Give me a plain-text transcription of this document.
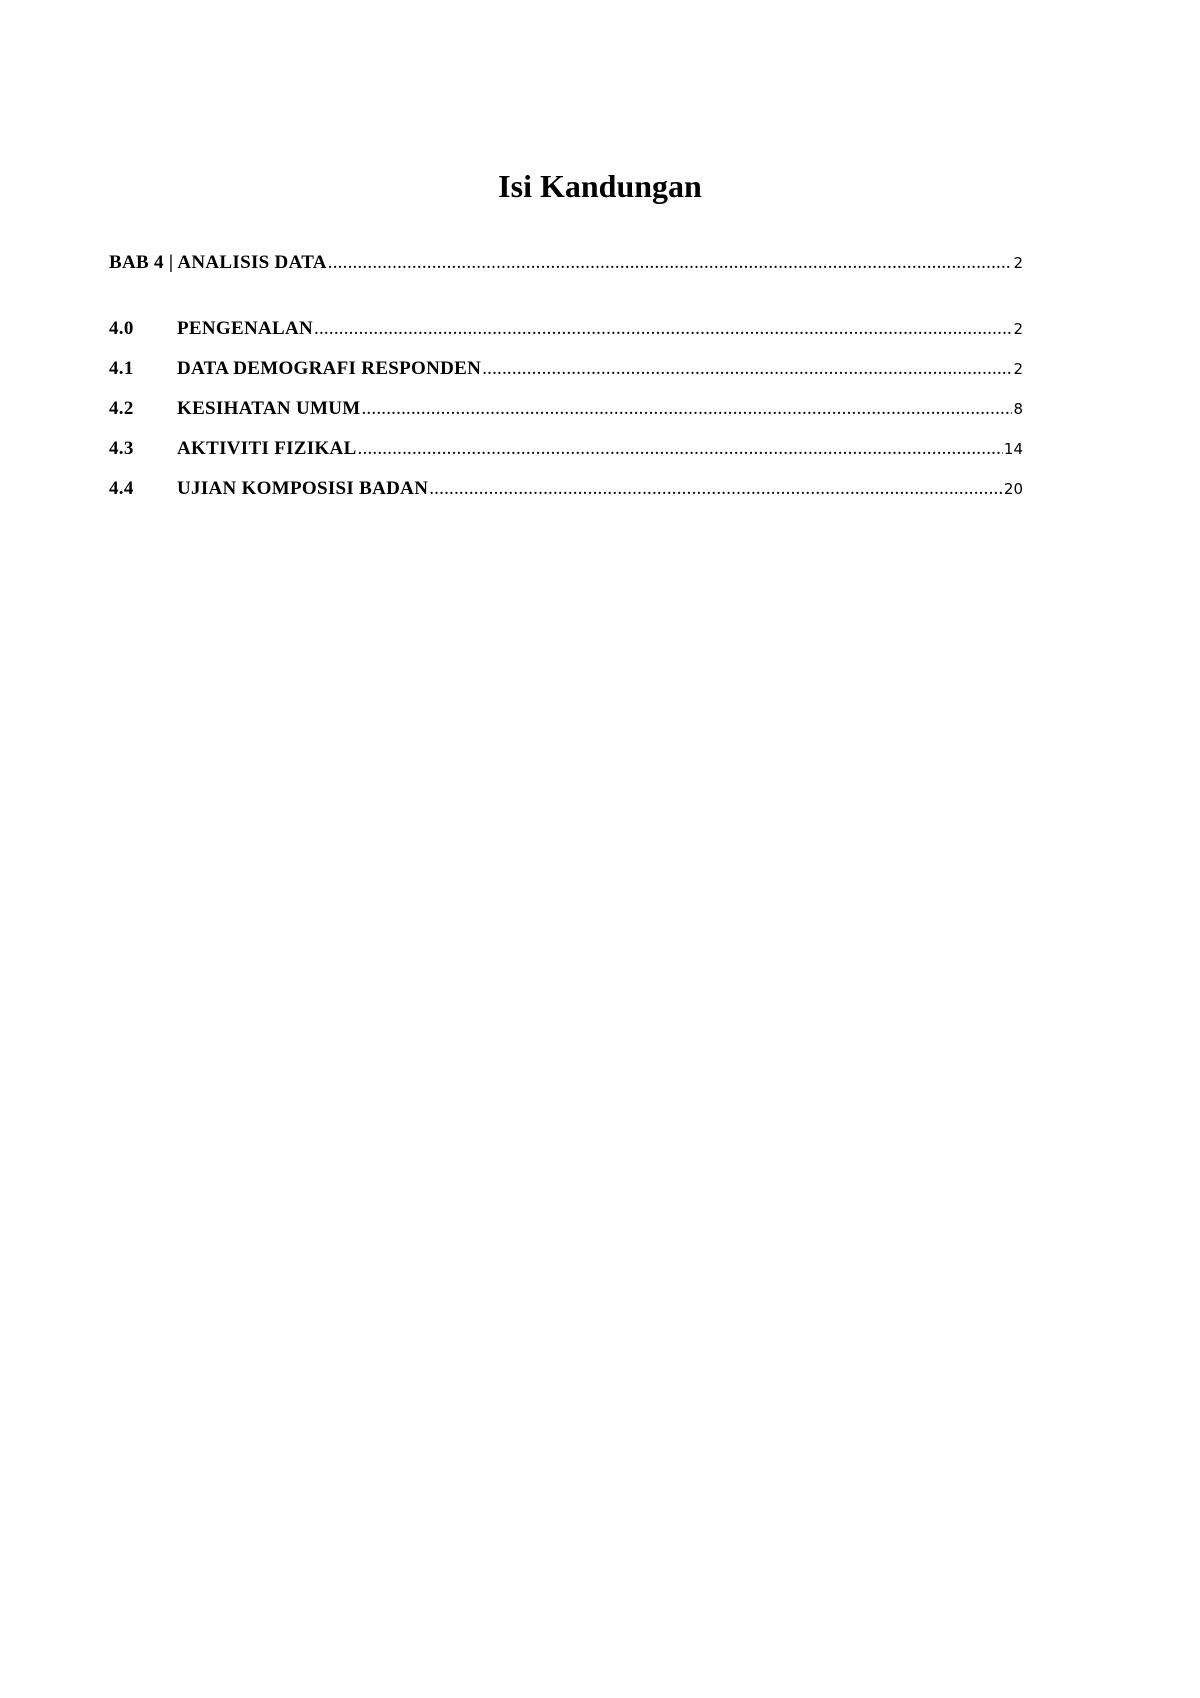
Isi Kandungan
BAB 4 | ANALISIS DATA .....	2
4.0	PENGENALAN .....	2
4.1	DATA DEMOGRAFI RESPONDEN .....	2
4.2	KESIHATAN UMUM .....	8
4.3	AKTIVITI FIZIKAL .....	14
4.4	UJIAN KOMPOSISI BADAN .....	20
